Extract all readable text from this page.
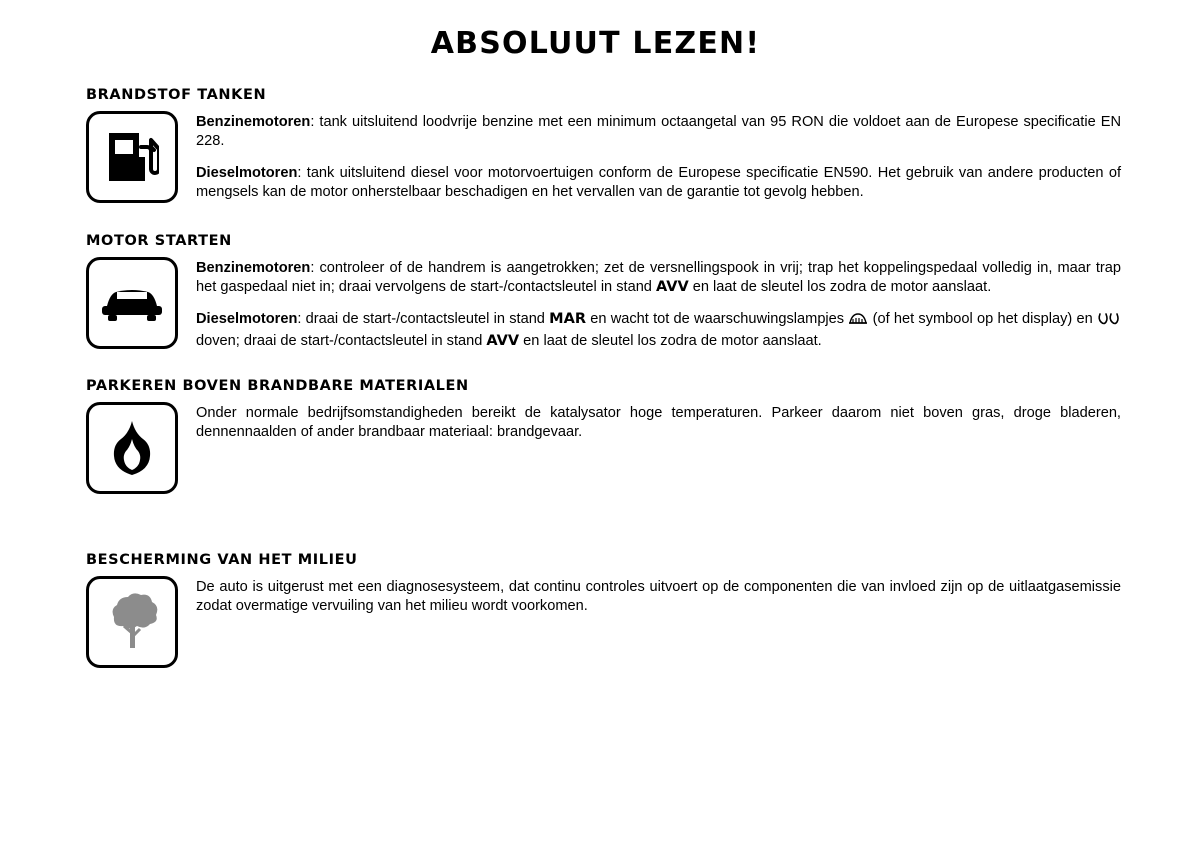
ABSOLUUT LEZEN!
BRANDSTOF TANKEN

Benzinemotoren: tank uitsluitend loodvrije benzine met een minimum octaangetal van 95 RON die voldoet aan de Europese specificatie EN 228.

Dieselmotoren: tank uitsluitend diesel voor motorvoertuigen conform de Europese specificatie EN590. Het gebruik van andere producten of mengsels kan de motor onherstelbaar beschadigen en het vervallen van de garantie tot gevolg hebben.

MOTOR STARTEN

Benzinemotoren: controleer of de handrem is aangetrokken; zet de versnellingspook in vrij; trap het koppelingspedaal volledig in, maar trap het gaspedaal niet in; draai vervolgens de start-/contactsleutel in stand AVV en laat de sleutel los zodra de motor aanslaat.

Dieselmotoren: draai de start-/contactsleutel in stand MAR en wacht tot de waarschuwingslampjes  (of het symbool op het display) en  doven; draai de start-/contactsleutel in stand AVV en laat de sleutel los zodra de motor aanslaat.

PARKEREN BOVEN BRANDBARE MATERIALEN

Onder normale bedrijfsomstandigheden bereikt de katalysator hoge temperaturen. Parkeer daarom niet boven gras, droge bladeren, dennennaalden of ander brandbaar materiaal: brandgevaar.

BESCHERMING VAN HET MILIEU

De auto is uitgerust met een diagnosesysteem, dat continu controles uitvoert op de componenten die van invloed zijn op de uitlaatgasemissie zodat overmatige vervuiling van het milieu wordt voorkomen.
